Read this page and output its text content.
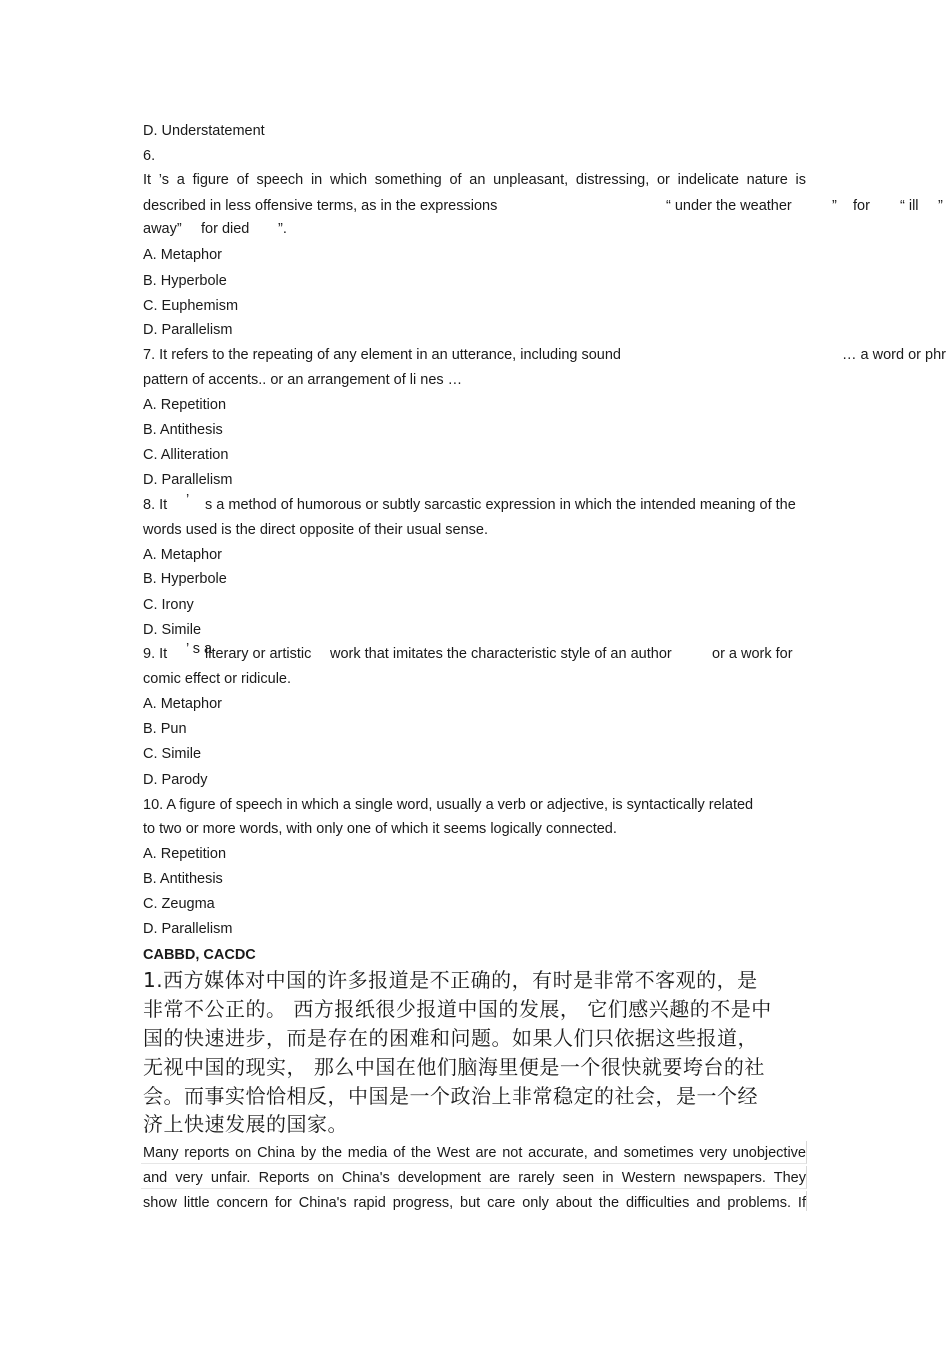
D. Understatement
6.
It ’s a figure of speech in which something of an unpleasant, distressing, or indelicate nature is
described in less offensive terms, as in the expressions	“ under the weather	” for “ ill ”
away” for died ”.
A. Metaphor
B. Hyperbole
C. Euphemism
D. Parallelism
7. It refers to the repeating of any element in an utterance, including sound	… a word or phr
pattern of accents.. or an arrangement of li nes …
A. Repetition
B. Antithesis
C. Alliteration
D. Parallelism
8. It ’ s a method of humorous or subtly sarcastic expression in which the intended meaning of the
words used is the direct opposite of their usual sense.
A. Metaphor
B. Hyperbole
C. Irony
D. Simile
9. It ’ s a
literary or artistic work that imitates the characteristic style of an author	or a work for
comic effect or ridicule.
A. Metaphor
B. Pun
C. Simile
D. Parody
10. A figure of speech in which a single word, usually a verb or adjective, is syntactically related
to two or more words, with only one of which it seems logically connected.
A. Repetition
B. Antithesis
C. Zeugma
D. Parallelism
CABBD, CACDC
1.西方媒体对中国的许多报道是不正确的，有时是非常不客观的，是
非常不公正的。 西方报纸很少报道中国的发展， 它们感兴趣的不是中
国的快速进步，而是存在的困难和问题。如果人们只依据这些报道，
无视中国的现实， 那么中国在他们脑海里便是一个很快就要垮台的社
会。而事实恰恰相反，中国是一个政治上非常稳定的社会，是一个经
济上快速发展的国家。
Many reports on China by the media of the West are not accurate, and sometimes very unobjective
and very unfair. Reports on China's development are rarely seen in Western newspapers. They
show little concern for China's rapid progress, but care only about the difficulties and problems. If
